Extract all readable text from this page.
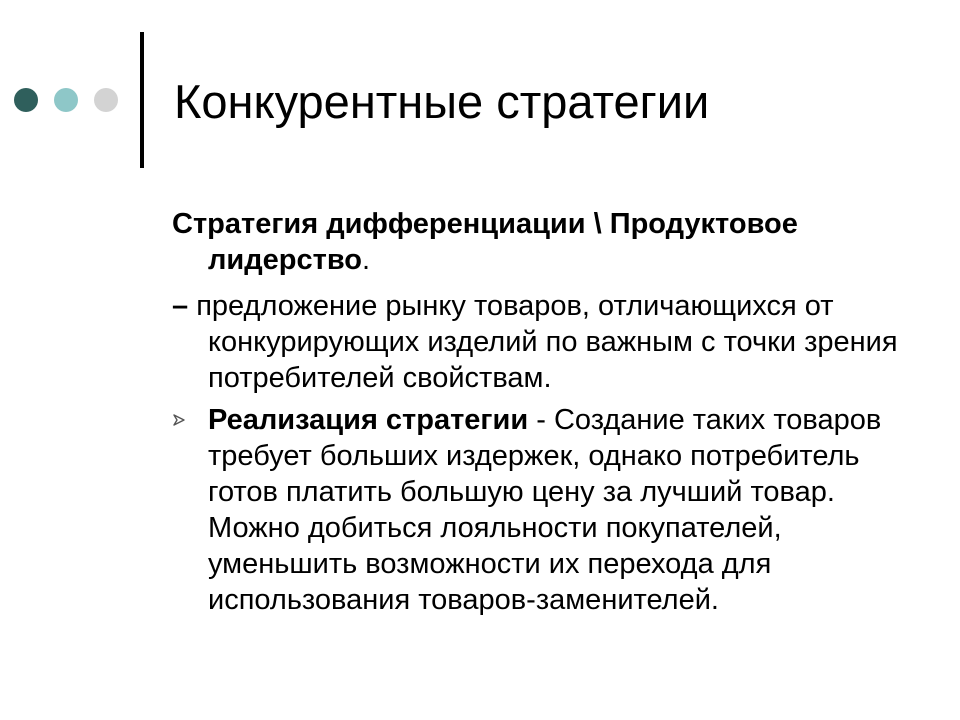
Конкурентные стратегии

Стратегия дифференциации \ Продуктовое лидерство.

– предложение рынку товаров, отличающихся от конкурирующих изделий по важным с точки зрения потребителей свойствам.

Реализация стратегии - Создание таких товаров требует больших издержек, однако потребитель готов платить большую цену за лучший товар. Можно добиться лояльности покупателей, уменьшить возможности их перехода для использования товаров-заменителей.
